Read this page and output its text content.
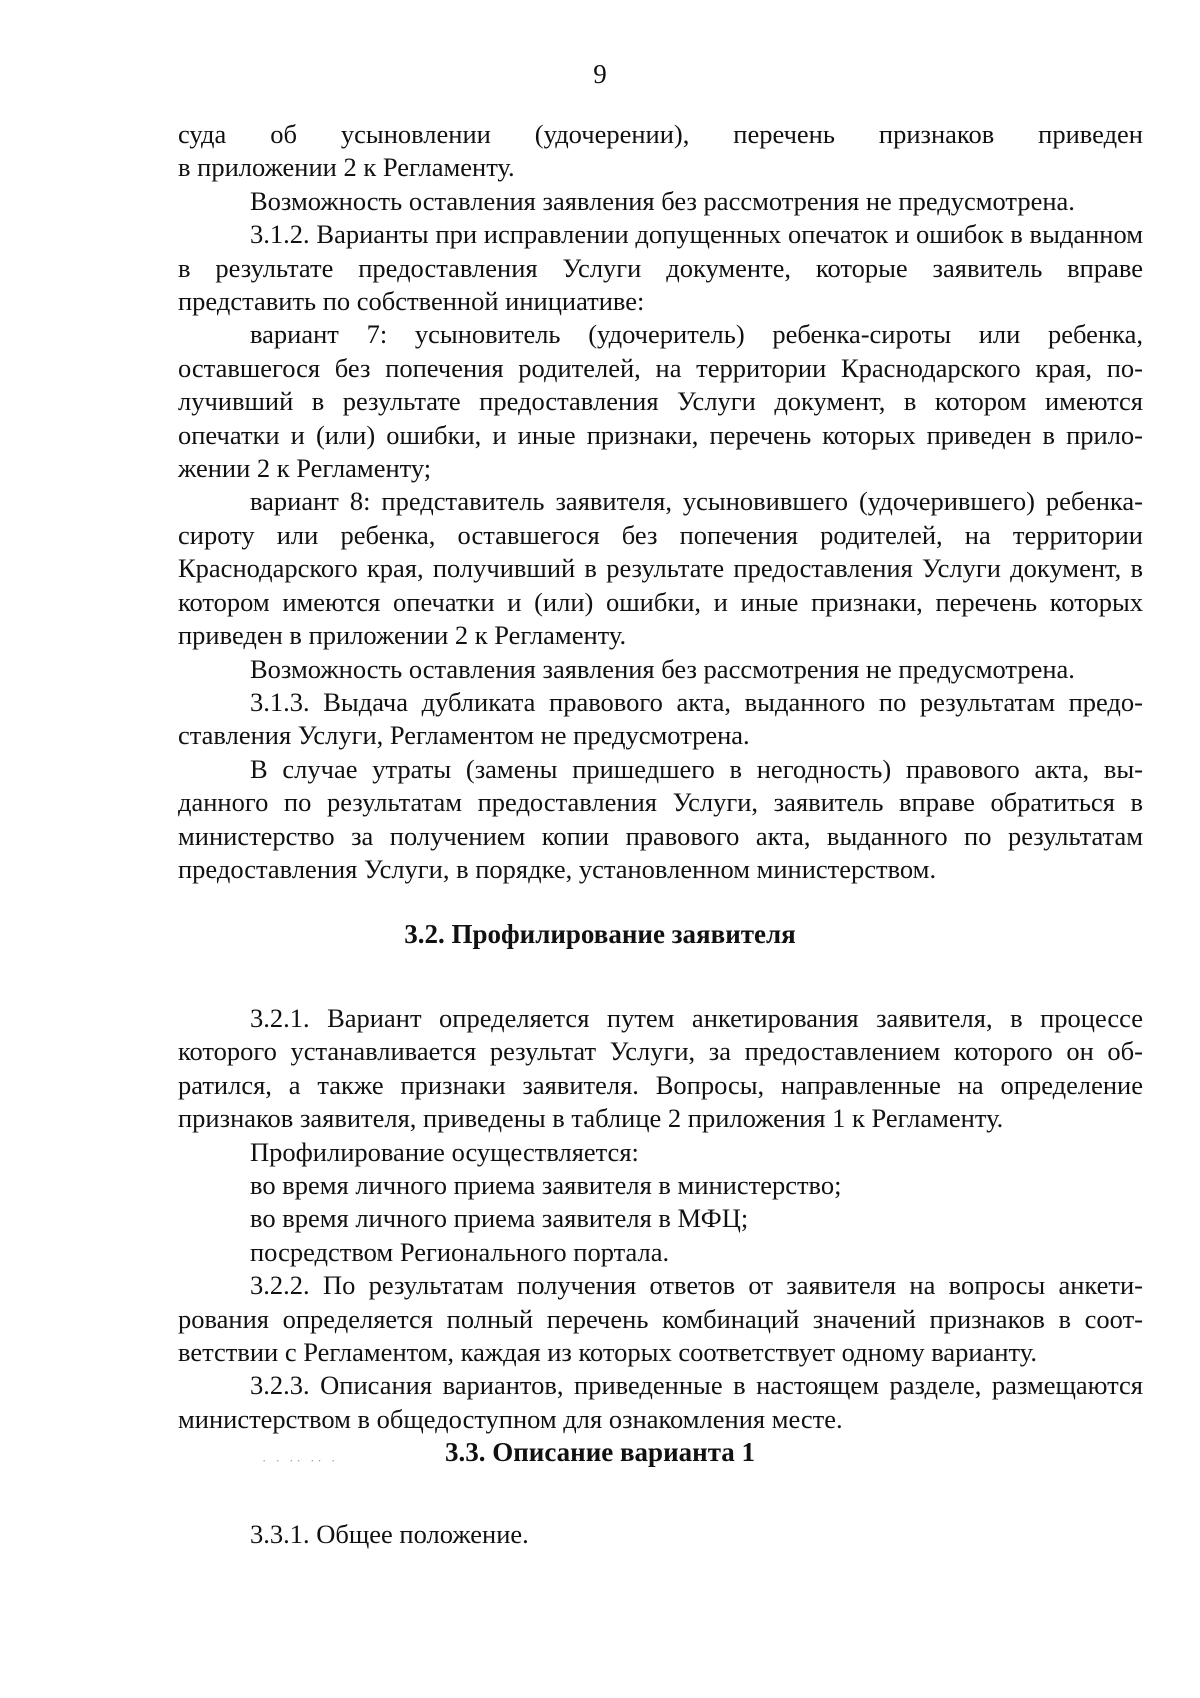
9

суда об усыновлении (удочерении), перечень признаков приведен

в приложении 2 к Регламенту.

Возможность оставления заявления без рассмотрения не предусмотрена.

3.1.2. Варианты при исправлении допущенных опечаток и ошибок в выданном в результате предоставления Услуги документе, которые заявитель вправе представить по собственной инициативе:

вариант 7: усыновитель (удочеритель) ребенка-сироты или ребенка, оставшегося без попечения родителей, на территории Краснодарского края, получивший в результате предоставления Услуги документ, в котором имеются опечатки и (или) ошибки, и иные признаки, перечень которых приведен в приложении 2 к Регламенту;

вариант 8: представитель заявителя, усыновившего (удочерившего) ребенка-сироту или ребенка, оставшегося без попечения родителей, на территории Краснодарского края, получивший в результате предоставления Услуги документ, в котором имеются опечатки и (или) ошибки, и иные признаки, перечень которых приведен в приложении 2 к Регламенту.

Возможность оставления заявления без рассмотрения не предусмотрена.

3.1.3. Выдача дубликата правового акта, выданного по результатам предоставления Услуги, Регламентом не предусмотрена.

В случае утраты (замены пришедшего в негодность) правового акта, выданного по результатам предоставления Услуги, заявитель вправе обратиться в министерство за получением копии правового акта, выданного по результатам предоставления Услуги, в порядке, установленном министерством.

3.2. Профилирование заявителя

3.2.1. Вариант определяется путем анкетирования заявителя, в процессе которого устанавливается результат Услуги, за предоставлением которого он обратился, а также признаки заявителя. Вопросы, направленные на определение признаков заявителя, приведены в таблице 2 приложения 1 к Регламенту.

Профилирование осуществляется:

во время личного приема заявителя в министерство;

во время личного приема заявителя в МФЦ;

посредством Регионального портала.

3.2.2. По результатам получения ответов от заявителя на вопросы анкетирования определяется полный перечень комбинаций значений признаков в соответствии с Регламентом, каждая из которых соответствует одному варианту.

3.2.3. Описания вариантов, приведенные в настоящем разделе, размещаются министерством в общедоступном для ознакомления месте.

· · ·· ·· ·	3.3. Описание варианта 1

3.3.1. Общее положение.
